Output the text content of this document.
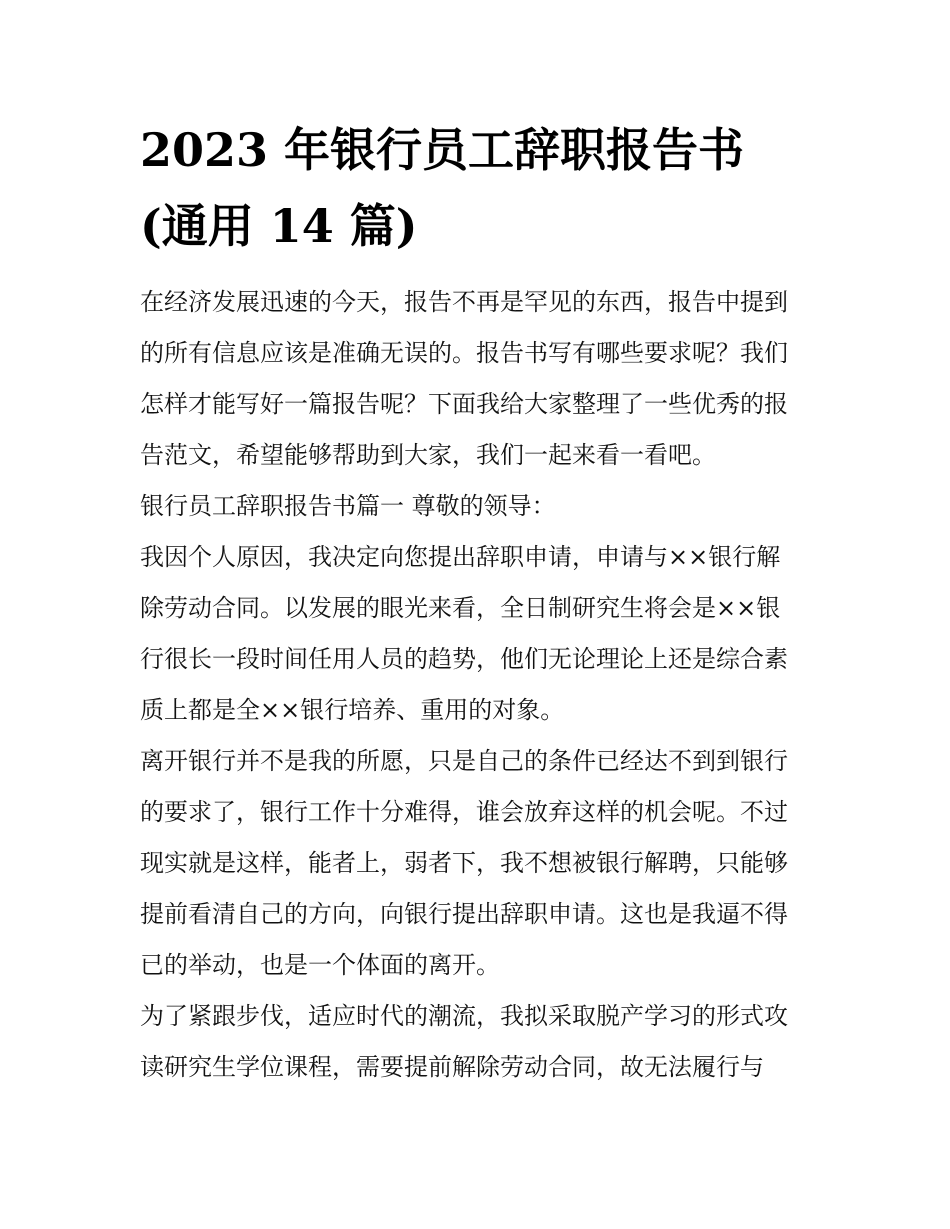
2023 年银行员工辞职报告书
(通用 14 篇)

在经济发展迅速的今天，报告不再是罕见的东西，报告中提到
的所有信息应该是准确无误的。报告书写有哪些要求呢？我们
怎样才能写好一篇报告呢？下面我给大家整理了一些优秀的报
告范文，希望能够帮助到大家，我们一起来看一看吧。

银行员工辞职报告书篇一 尊敬的领导：

我因个人原因，我决定向您提出辞职申请，申请与××银行解
除劳动合同。以发展的眼光来看，全日制研究生将会是××银
行很长一段时间任用人员的趋势，他们无论理论上还是综合素
质上都是全××银行培养、重用的对象。

离开银行并不是我的所愿，只是自己的条件已经达不到到银行
的要求了，银行工作十分难得，谁会放弃这样的机会呢。不过
现实就是这样，能者上，弱者下，我不想被银行解聘，只能够
提前看清自己的方向，向银行提出辞职申请。这也是我逼不得
已的举动，也是一个体面的离开。

为了紧跟步伐，适应时代的潮流，我拟采取脱产学习的形式攻
读研究生学位课程，需要提前解除劳动合同，故无法履行与
